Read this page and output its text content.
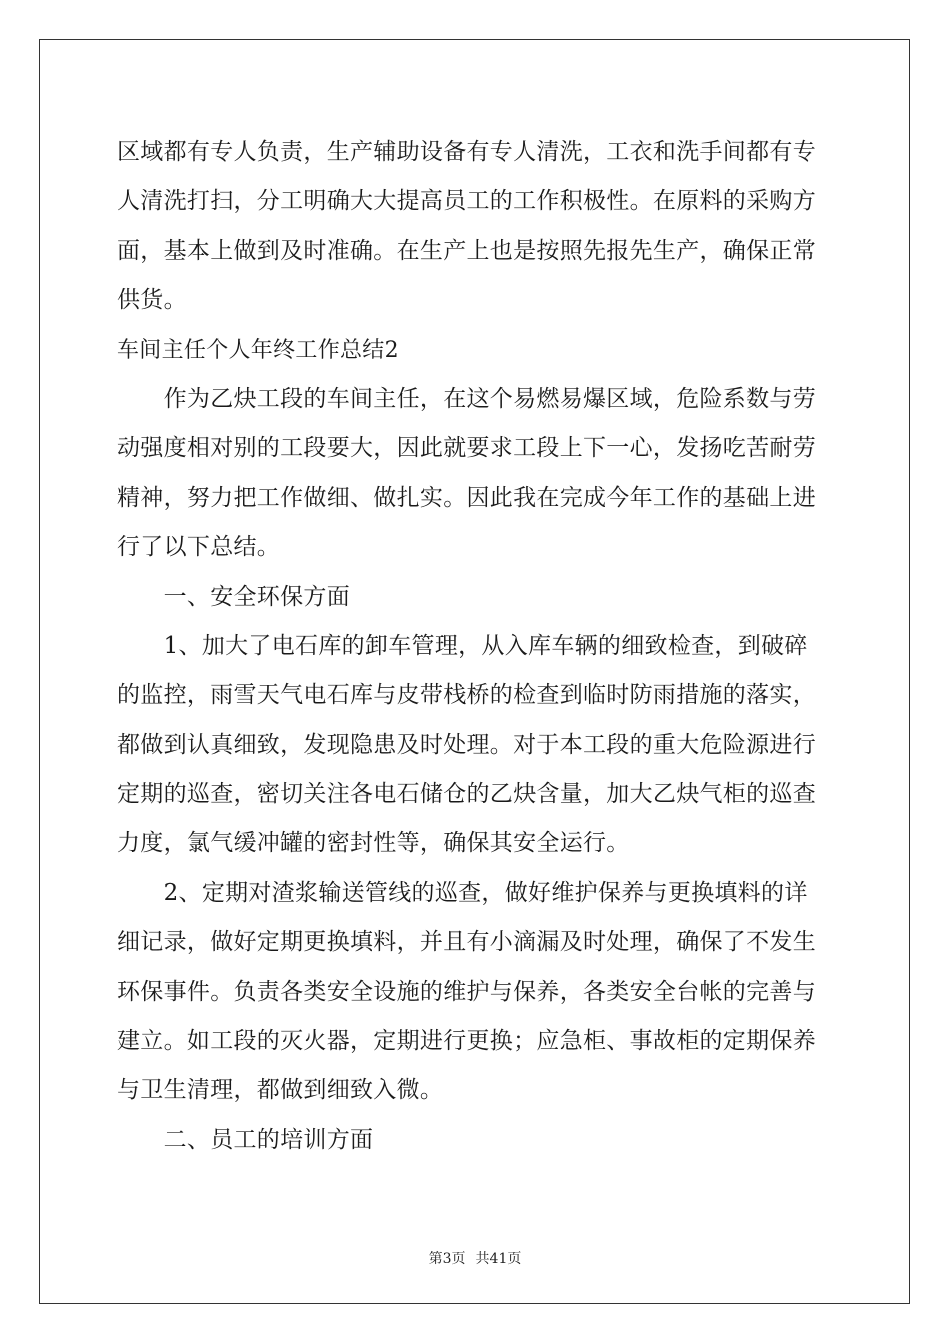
区域都有专人负责，生产辅助设备有专人清洗，工衣和洗手间都有专
人清洗打扫，分工明确大大提高员工的工作积极性。在原料的采购方
面，基本上做到及时准确。在生产上也是按照先报先生产，确保正常
供货。
车间主任个人年终工作总结2
　　作为乙炔工段的车间主任，在这个易燃易爆区域，危险系数与劳
动强度相对别的工段要大，因此就要求工段上下一心，发扬吃苦耐劳
精神，努力把工作做细、做扎实。因此我在完成今年工作的基础上进
行了以下总结。
　　一、安全环保方面
　　1、加大了电石库的卸车管理，从入库车辆的细致检查，到破碎
的监控，雨雪天气电石库与皮带栈桥的检查到临时防雨措施的落实，
都做到认真细致，发现隐患及时处理。对于本工段的重大危险源进行
定期的巡查，密切关注各电石储仓的乙炔含量，加大乙炔气柜的巡查
力度，氯气缓冲罐的密封性等，确保其安全运行。
　　2、定期对渣浆输送管线的巡查，做好维护保养与更换填料的详
细记录，做好定期更换填料，并且有小滴漏及时处理，确保了不发生
环保事件。负责各类安全设施的维护与保养，各类安全台帐的完善与
建立。如工段的灭火器，定期进行更换；应急柜、事故柜的定期保养
与卫生清理，都做到细致入微。
　　二、员工的培训方面
第3页 共41页
